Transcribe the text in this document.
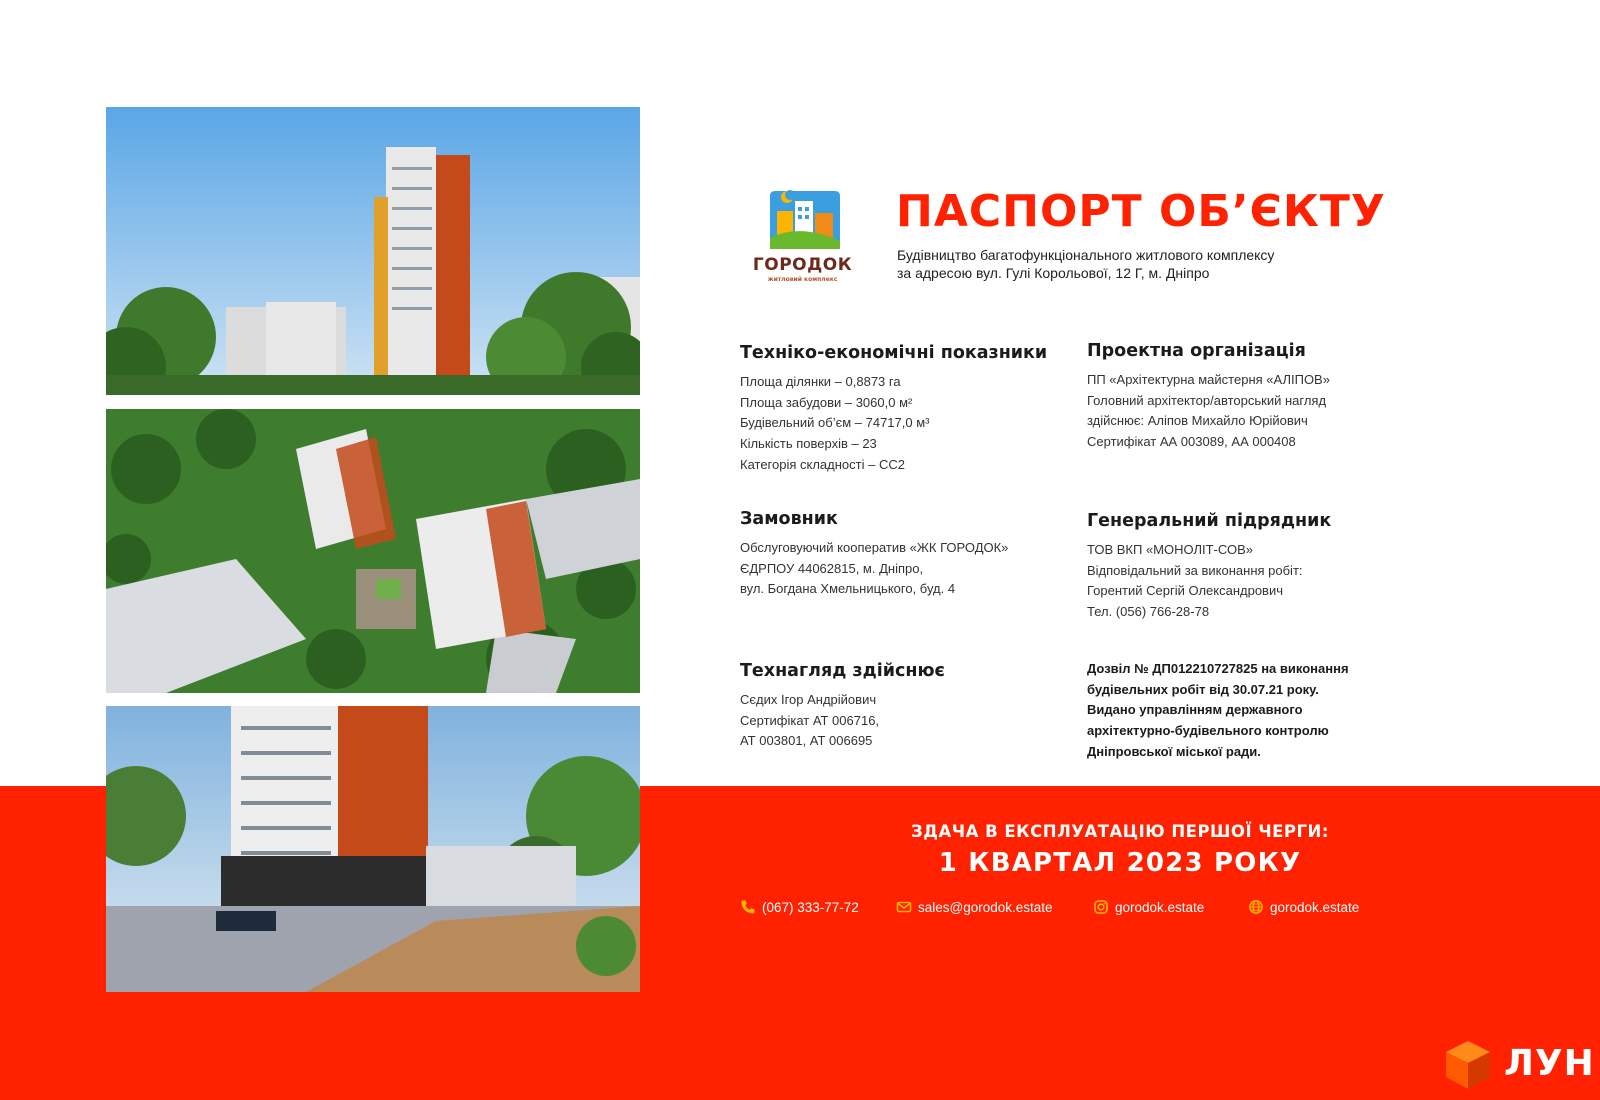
ГОРОДОК
житловий комплекс
ПАСПОРТ ОБ’ЄКТУ
Будівництво багатофункціонального житлового комплексу
за адресою вул. Гулі Корольової, 12 Г, м. Дніпро
Техніко-економічні показники
Площа ділянки – 0,8873 га
Площа забудови – 3060,0 м²
Будівельний об’єм – 74717,0 м³
Кількість поверхів – 23
Категорія складності – СС2
Проектна організація
ПП «Архітектурна майстерня «АЛІПОВ»
Головний архітектор/авторський нагляд
здійснює: Аліпов Михайло Юрійович
Сертифікат АА 003089, АА 000408
Замовник
Обслуговуючий кооператив «ЖК ГОРОДОК»
ЄДРПОУ 44062815, м. Дніпро,
вул. Богдана Хмельницького, буд. 4
Генеральний підрядник
ТОВ ВКП «МОНОЛІТ-СОВ»
Відповідальний за виконання робіт:
Горентий Сергій Олександрович
Тел. (056) 766-28-78
Технагляд здійснює
Сєдих Ігор Андрійович
Сертифікат АТ 006716,
АТ 003801, АТ 006695
Дозвіл № ДП012210727825 на виконання
будівельних робіт від 30.07.21 року.
Видано управлінням державного
архітектурно-будівельного контролю
Дніпровської міської ради.
ЗДАЧА В ЕКСПЛУАТАЦІЮ ПЕРШОЇ ЧЕРГИ:
1 КВАРТАЛ 2023 РОКУ
(067) 333-77-72	sales@gorodok.estate	gorodok.estate	gorodok.estate
ЛУН
